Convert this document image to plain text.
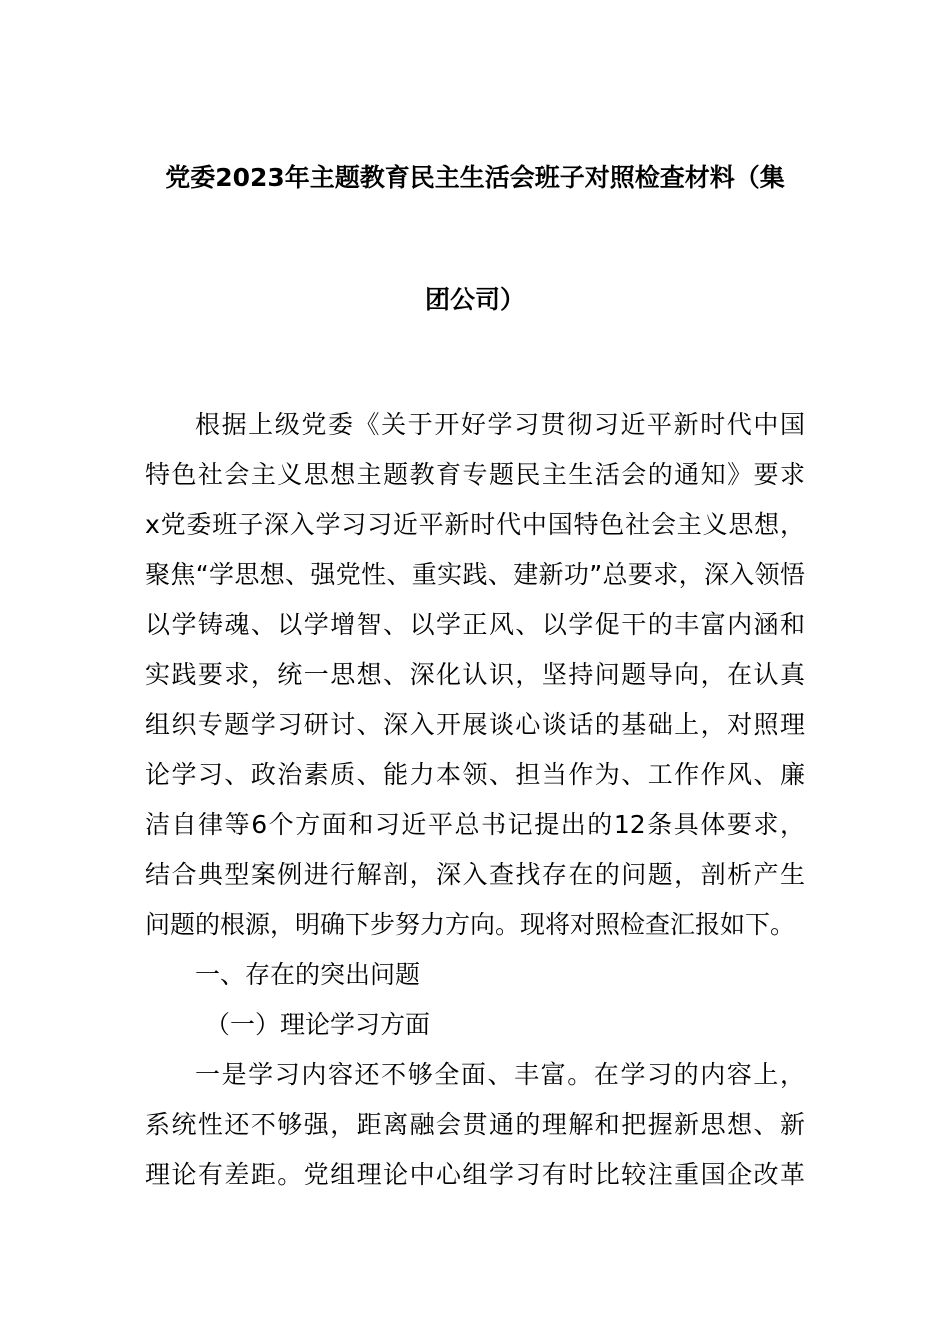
党委2023年主题教育民主生活会班子对照检查材料（集
团公司）
根据上级党委《关于开好学习贯彻习近平新时代中国
特色社会主义思想主题教育专题民主生活会的通知》要求
x党委班子深入学习习近平新时代中国特色社会主义思想，
聚焦“学思想、强党性、重实践、建新功”总要求，深入领悟
以学铸魂、以学增智、以学正风、以学促干的丰富内涵和
实践要求，统一思想、深化认识，坚持问题导向，在认真
组织专题学习研讨、深入开展谈心谈话的基础上，对照理
论学习、政治素质、能力本领、担当作为、工作作风、廉
洁自律等6个方面和习近平总书记提出的12条具体要求，
结合典型案例进行解剖，深入查找存在的问题，剖析产生
问题的根源，明确下步努力方向。现将对照检查汇报如下。
一、存在的突出问题
（一）理论学习方面
一是学习内容还不够全面、丰富。在学习的内容上，
系统性还不够强，距离融会贯通的理解和把握新思想、新
理论有差距。党组理论中心组学习有时比较注重国企改革
